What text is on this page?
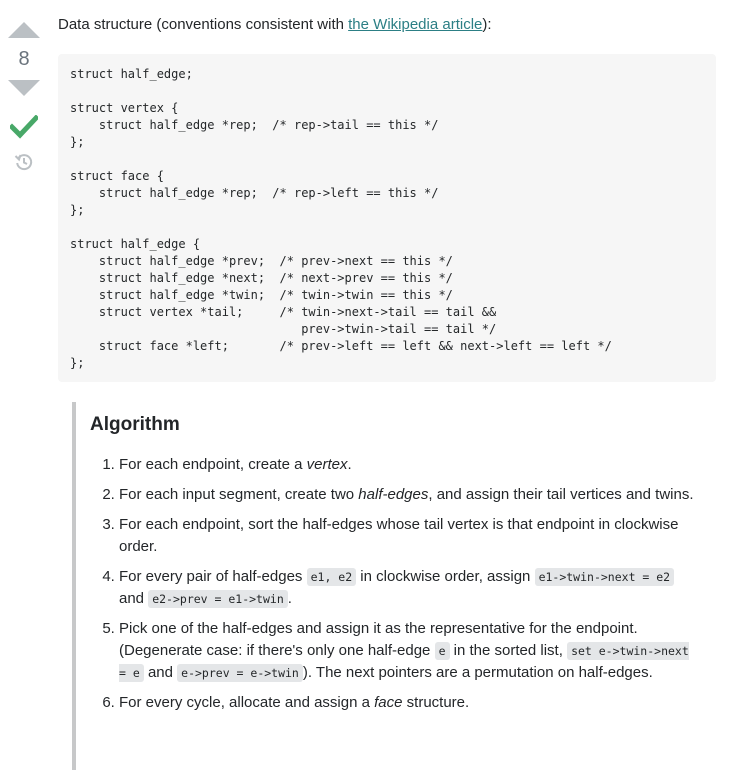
8
Data structure (conventions consistent with the Wikipedia article):
struct half_edge;

struct vertex {
struct half_edge *rep;  /* rep->tail == this */
};

struct face {
struct half_edge *rep;  /* rep->left == this */
};

struct half_edge {
struct half_edge *prev;  /* prev->next == this */
struct half_edge *next;  /* next->prev == this */
struct half_edge *twin;  /* twin->twin == this */
struct vertex *tail;     /* twin->next->tail == tail &&
prev->twin->tail == tail */
struct face *left;       /* prev->left == left && next->left == left */
};
Algorithm
1. For each endpoint, create a vertex.
2. For each input segment, create two half-edges, and assign their tail vertices and twins.
3. For each endpoint, sort the half-edges whose tail vertex is that endpoint in clockwise order.
4. For every pair of half-edges e1, e2 in clockwise order, assign e1->twin->next = e2 and e2->prev = e1->twin .
5. Pick one of the half-edges and assign it as the representative for the endpoint. (Degenerate case: if there's only one half-edge e in the sorted list, set e->twin->next = e and e->prev = e->twin ). The next pointers are a permutation on half-edges.
6. For every cycle, allocate and assign a face structure.
